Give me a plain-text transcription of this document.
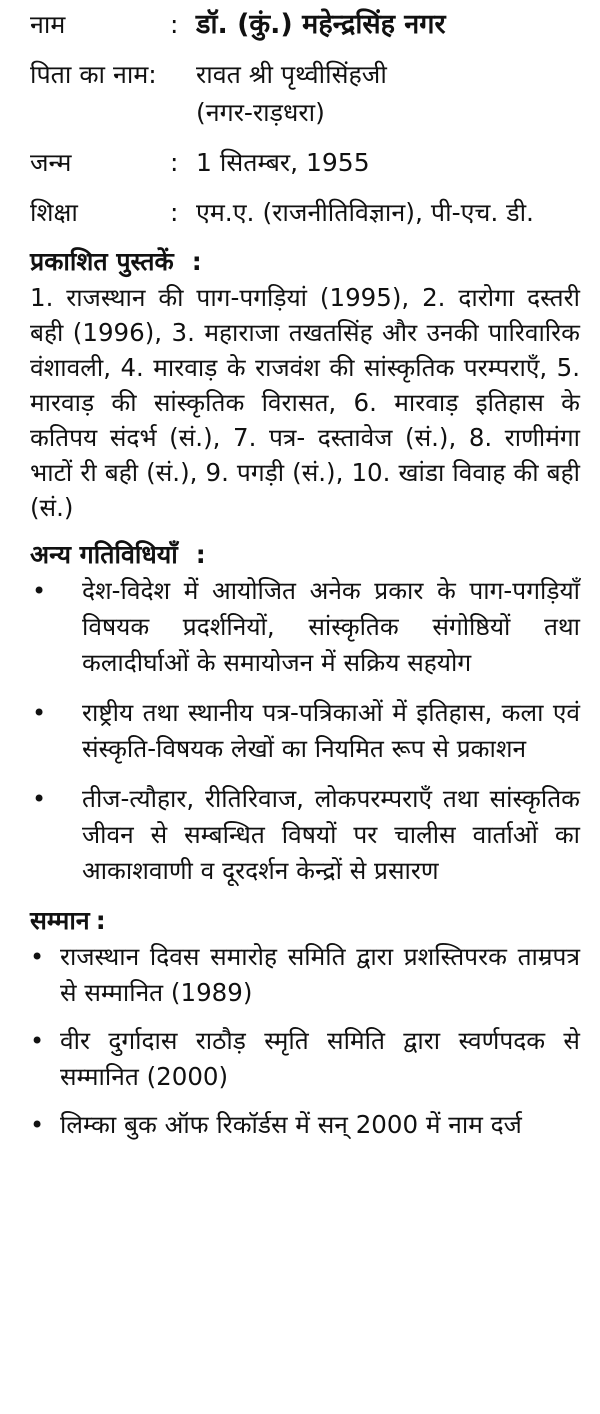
नाम	: डॉ. (कुं.) महेन्द्रसिंह नगर
पिता का नाम:	रावत श्री पृथ्वीसिंहजी
(नगर-राड़धरा)
जन्म	: 1 सितम्बर, 1955
शिक्षा	: एम.ए. (राजनीतिविज्ञान), पी-एच. डी.
प्रकाशित पुस्तकें :

1. राजस्थान की पाग-पगड़ियां (1995), 2. दारोगा दस्तरी बही (1996), 3. महाराजा तखतसिंह और उनकी पारिवारिक वंशावली, 4. मारवाड़ के राजवंश की सांस्कृतिक परम्पराएँ, 5. मारवाड़ की सांस्कृतिक विरासत, 6. मारवाड़ इतिहास के कतिपय संदर्भ (सं.), 7. पत्र- दस्तावेज (सं.), 8. राणीमंगा भाटों री बही (सं.), 9. पगड़ी (सं.), 10. खांडा विवाह की बही (सं.)

अन्य गतिविधियाँ :
• देश-विदेश में आयोजित अनेक प्रकार के पाग-पगड़ियाँ विषयक प्रदर्शनियों, सांस्कृतिक संगोष्ठियों तथा कलादीर्घाओं के समायोजन में सक्रिय सहयोग
• राष्ट्रीय तथा स्थानीय पत्र-पत्रिकाओं में इतिहास, कला एवं संस्कृति-विषयक लेखों का नियमित रूप से प्रकाशन
• तीज-त्यौहार, रीतिरिवाज, लोकपरम्पराएँ तथा सांस्कृतिक जीवन से सम्बन्धित विषयों पर चालीस वार्ताओं का आकाशवाणी व दूरदर्शन केन्द्रों से प्रसारण
सम्मान :
• राजस्थान दिवस समारोह समिति द्वारा प्रशस्तिपरक ताम्रपत्र से सम्मानित (1989)
• वीर दुर्गादास राठौड़ स्मृति समिति द्वारा स्वर्णपदक से सम्मानित (2000)
• लिम्का बुक ऑफ रिकॉर्डस में सन् 2000 में नाम दर्ज
